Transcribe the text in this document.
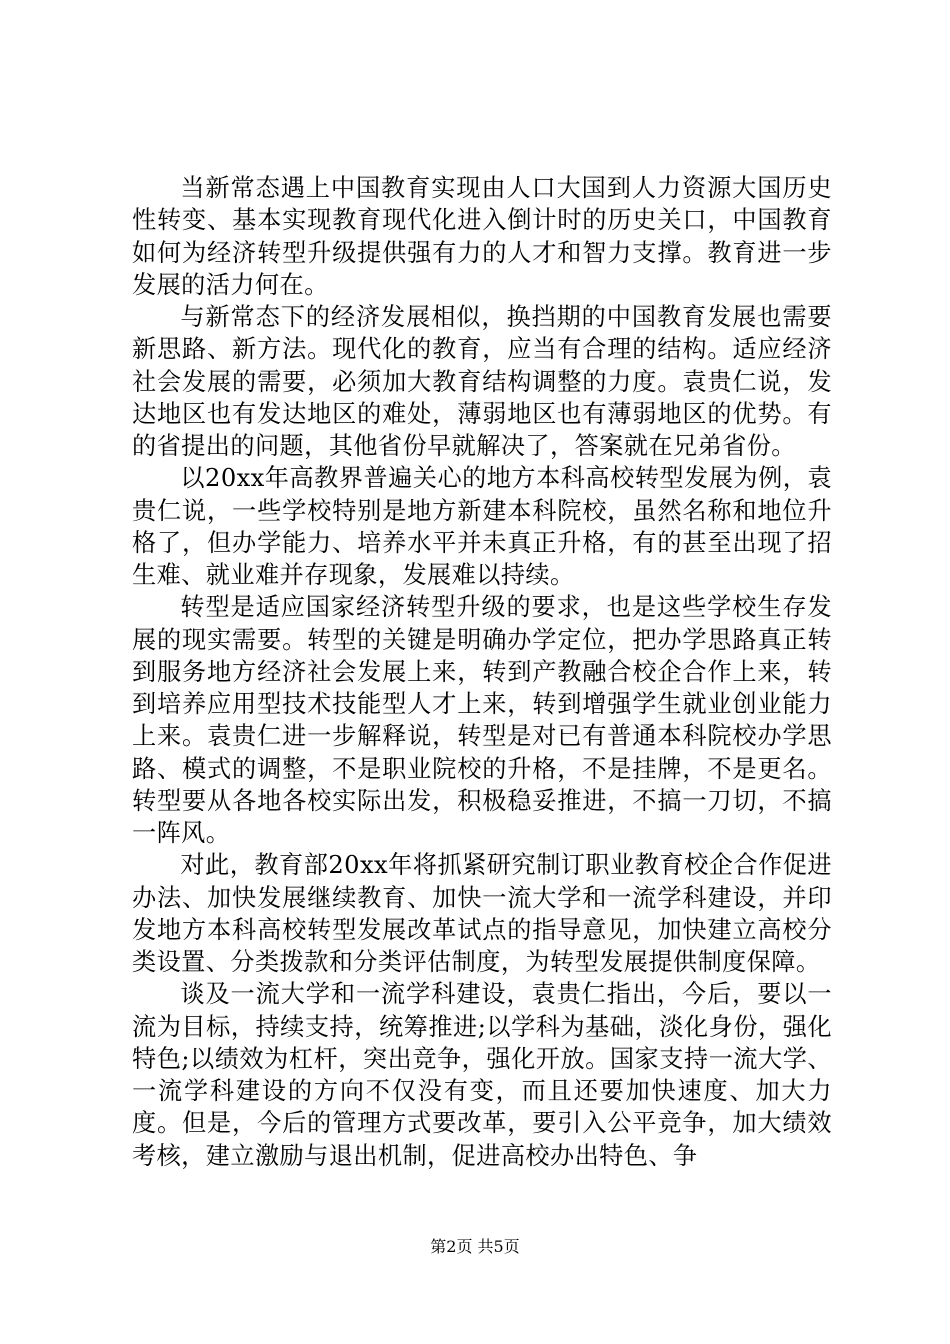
当新常态遇上中国教育实现由人口大国到人力资源大国历史性转变、基本实现教育现代化进入倒计时的历史关口，中国教育如何为经济转型升级提供强有力的人才和智力支撑。教育进一步发展的活力何在。

与新常态下的经济发展相似，换挡期的中国教育发展也需要新思路、新方法。现代化的教育，应当有合理的结构。适应经济社会发展的需要，必须加大教育结构调整的力度。袁贵仁说，发达地区也有发达地区的难处，薄弱地区也有薄弱地区的优势。有的省提出的问题，其他省份早就解决了，答案就在兄弟省份。

以20xx年高教界普遍关心的地方本科高校转型发展为例，袁贵仁说，一些学校特别是地方新建本科院校，虽然名称和地位升格了，但办学能力、培养水平并未真正升格，有的甚至出现了招生难、就业难并存现象，发展难以持续。

转型是适应国家经济转型升级的要求，也是这些学校生存发展的现实需要。转型的关键是明确办学定位，把办学思路真正转到服务地方经济社会发展上来，转到产教融合校企合作上来，转到培养应用型技术技能型人才上来，转到增强学生就业创业能力上来。袁贵仁进一步解释说，转型是对已有普通本科院校办学思路、模式的调整，不是职业院校的升格，不是挂牌，不是更名。转型要从各地各校实际出发，积极稳妥推进，不搞一刀切，不搞一阵风。

对此，教育部20xx年将抓紧研究制订职业教育校企合作促进办法、加快发展继续教育、加快一流大学和一流学科建设，并印发地方本科高校转型发展改革试点的指导意见，加快建立高校分类设置、分类拨款和分类评估制度，为转型发展提供制度保障。

谈及一流大学和一流学科建设，袁贵仁指出，今后，要以一流为目标，持续支持，统筹推进;以学科为基础，淡化身份，强化特色;以绩效为杠杆，突出竞争，强化开放。国家支持一流大学、一流学科建设的方向不仅没有变，而且还要加快速度、加大力度。但是，今后的管理方式要改革，要引入公平竞争，加大绩效考核，建立激励与退出机制，促进高校办出特色、争

第2页 共5页
